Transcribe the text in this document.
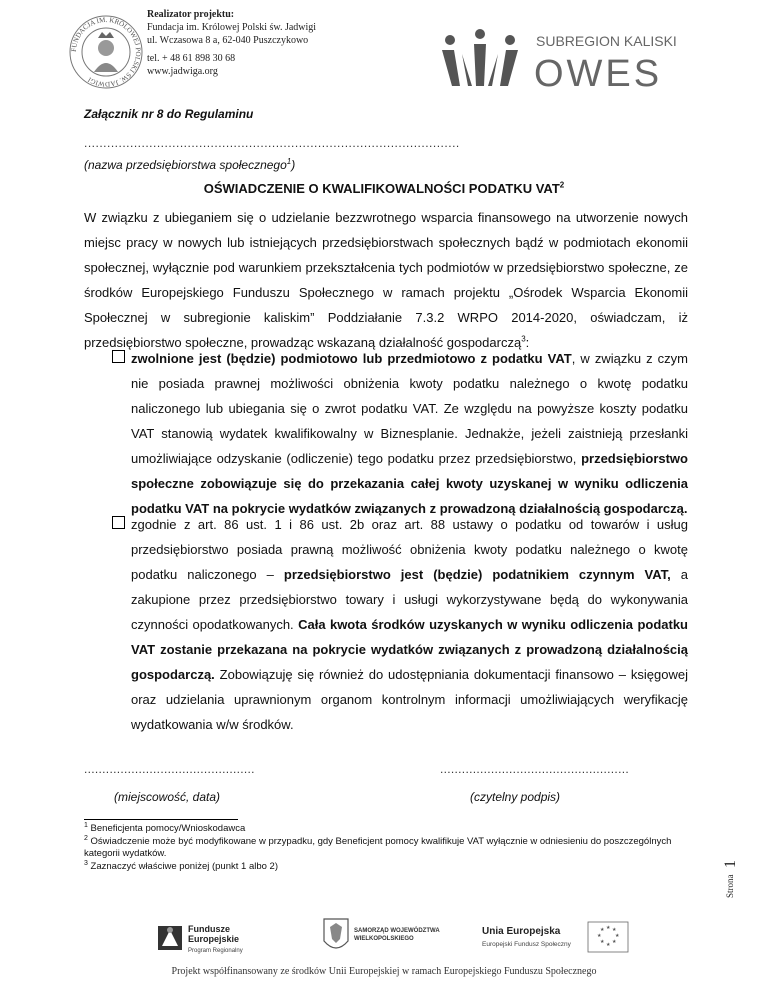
FUNDACJA IM. KRÓLOWEJ POLSKI ŚW. JADWIGI
Realizator projektu:
Fundacja im. Królowej Polski św. Jadwigi
ul. Wczasowa 8 a, 62-040 Puszczykowo
tel. + 48 61 898 30 68
www.jadwiga.org
SUBREGION KALISKI
OWES
Załącznik nr 8 do Regulaminu
..................................................................................................
(nazwa przedsiębiorstwa społecznego$^1$)
OŚWIADCZENIE O KWALIFIKOWALNOŚCI PODATKU VAT$^2$
W związku z ubieganiem się o udzielanie bezzwrotnego wsparcia finansowego na utworzenie nowych miejsc pracy w nowych lub istniejących przedsiębiorstwach społecznych bądź w podmiotach ekonomii społecznej, wyłącznie pod warunkiem przekształcenia tych podmiotów w przedsiębiorstwo społeczne, ze środków Europejskiego Funduszu Społecznego w ramach projektu „Ośrodek Wsparcia Ekonomii Społecznej w subregionie kaliskim” Poddziałanie 7.3.2 WRPO 2014-2020, oświadczam, iż przedsiębiorstwo społeczne, prowadząc wskazaną działalność gospodarczą$^3$:
zwolnione jest (będzie) podmiotowo lub przedmiotowo z podatku VAT, w związku z czym nie posiada prawnej możliwości obniżenia kwoty podatku należnego o kwotę podatku naliczonego lub ubiegania się o zwrot podatku VAT. Ze względu na powyższe koszty podatku VAT stanowią wydatek kwalifikowalny w Biznesplanie. Jednakże, jeżeli zaistnieją przesłanki umożliwiające odzyskanie (odliczenie) tego podatku przez przedsiębiorstwo, przedsiębiorstwo społeczne zobowiązuje się do przekazania całej kwoty uzyskanej w wyniku odliczenia podatku VAT na pokrycie wydatków związanych z prowadzoną działalnością gospodarczą.
zgodnie z art. 86 ust. 1 i 86 ust. 2b oraz art. 88 ustawy o podatku od towarów i usług przedsiębiorstwo posiada prawną możliwość obniżenia kwoty podatku należnego o kwotę podatku naliczonego – przedsiębiorstwo jest (będzie) podatnikiem czynnym VAT, a zakupione przez przedsiębiorstwo towary i usługi wykorzystywane będą do wykonywania czynności opodatkowanych. Cała kwota środków uzyskanych w wyniku odliczenia podatku VAT zostanie przekazana na pokrycie wydatków związanych z prowadzoną działalnością gospodarczą. Zobowiązuję się również do udostępniania dokumentacji finansowo – księgowej oraz udzielania uprawnionym organom kontrolnym informacji umożliwiających weryfikację wydatkowania w/w środków.
...............................................
(miejscowość, data)
....................................................
(czytelny podpis)
$^1$ Beneficjenta pomocy/Wnioskodawca
$^2$ Oświadczenie może być modyfikowane w przypadku, gdy Beneficjent pomocy kwalifikuje VAT wyłącznie w odniesieniu do poszczególnych kategorii wydatków.
$^3$ Zaznaczyć właściwe poniżej (punkt 1 albo 2)
Strona
1
Fundusze
Europejskie
Program Regionalny
SAMORZĄD WOJEWÓDZTWA
WIELKOPOLSKIEGO
Unia Europejska
Europejski Fundusz Społeczny
★ ★
★
★
★
★
★
★
Projekt współfinansowany ze środków Unii Europejskiej w ramach Europejskiego Funduszu Społecznego
